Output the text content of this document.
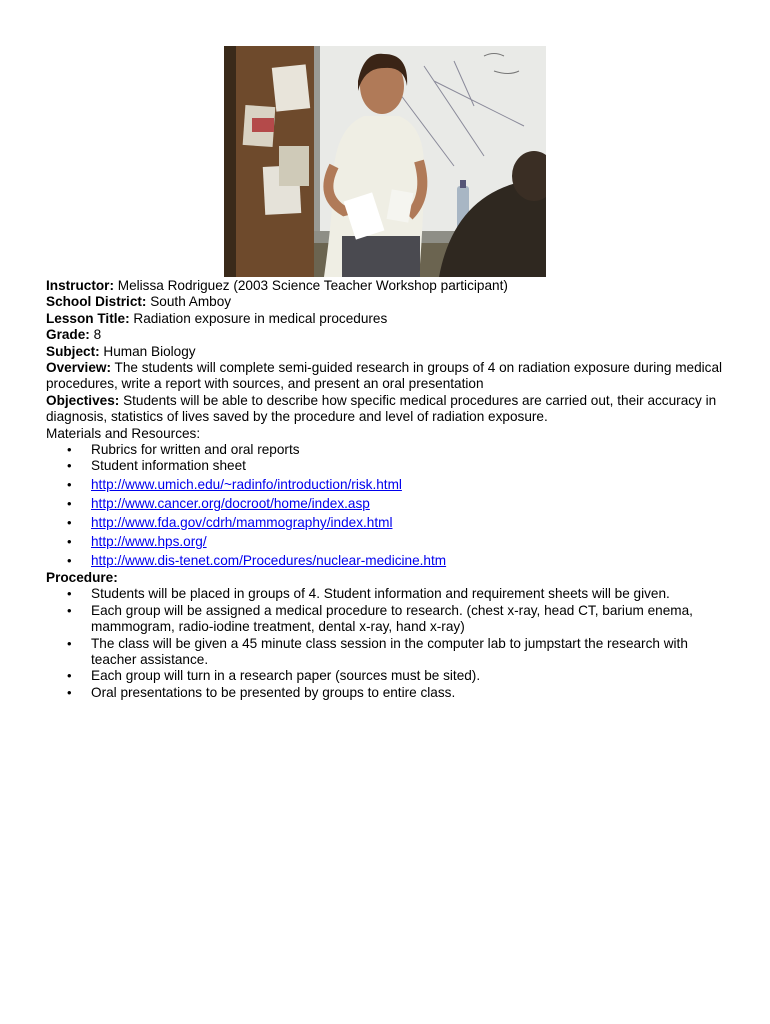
Instructor: Melissa Rodriguez (2003 Science Teacher Workshop participant)

School District: South Amboy

Lesson Title: Radiation exposure in medical procedures

Grade: 8

Subject: Human Biology

Overview: The students will complete semi-guided research in groups of 4 on radiation exposure during medical procedures, write a report with sources, and present an oral presentation

Objectives: Students will be able to describe how specific medical procedures are carried out, their accuracy in diagnosis, statistics of lives saved by the procedure and level of radiation exposure.

Materials and Resources:

• Rubrics for written and oral reports
• Student information sheet
• http://www.umich.edu/~radinfo/introduction/risk.html
• http://www.cancer.org/docroot/home/index.asp
• http://www.fda.gov/cdrh/mammography/index.html
• http://www.hps.org/
• http://www.dis-tenet.com/Procedures/nuclear-medicine.htm

Procedure:

• Students will be placed in groups of 4. Student information and requirement sheets will be given.
• Each group will be assigned a medical procedure to research. (chest x-ray, head CT, barium enema, mammogram, radio-iodine treatment, dental x-ray, hand x-ray)
• The class will be given a 45 minute class session in the computer lab to jumpstart the research with teacher assistance.
• Each group will turn in a research paper (sources must be sited).
• Oral presentations to be presented by groups to entire class.
